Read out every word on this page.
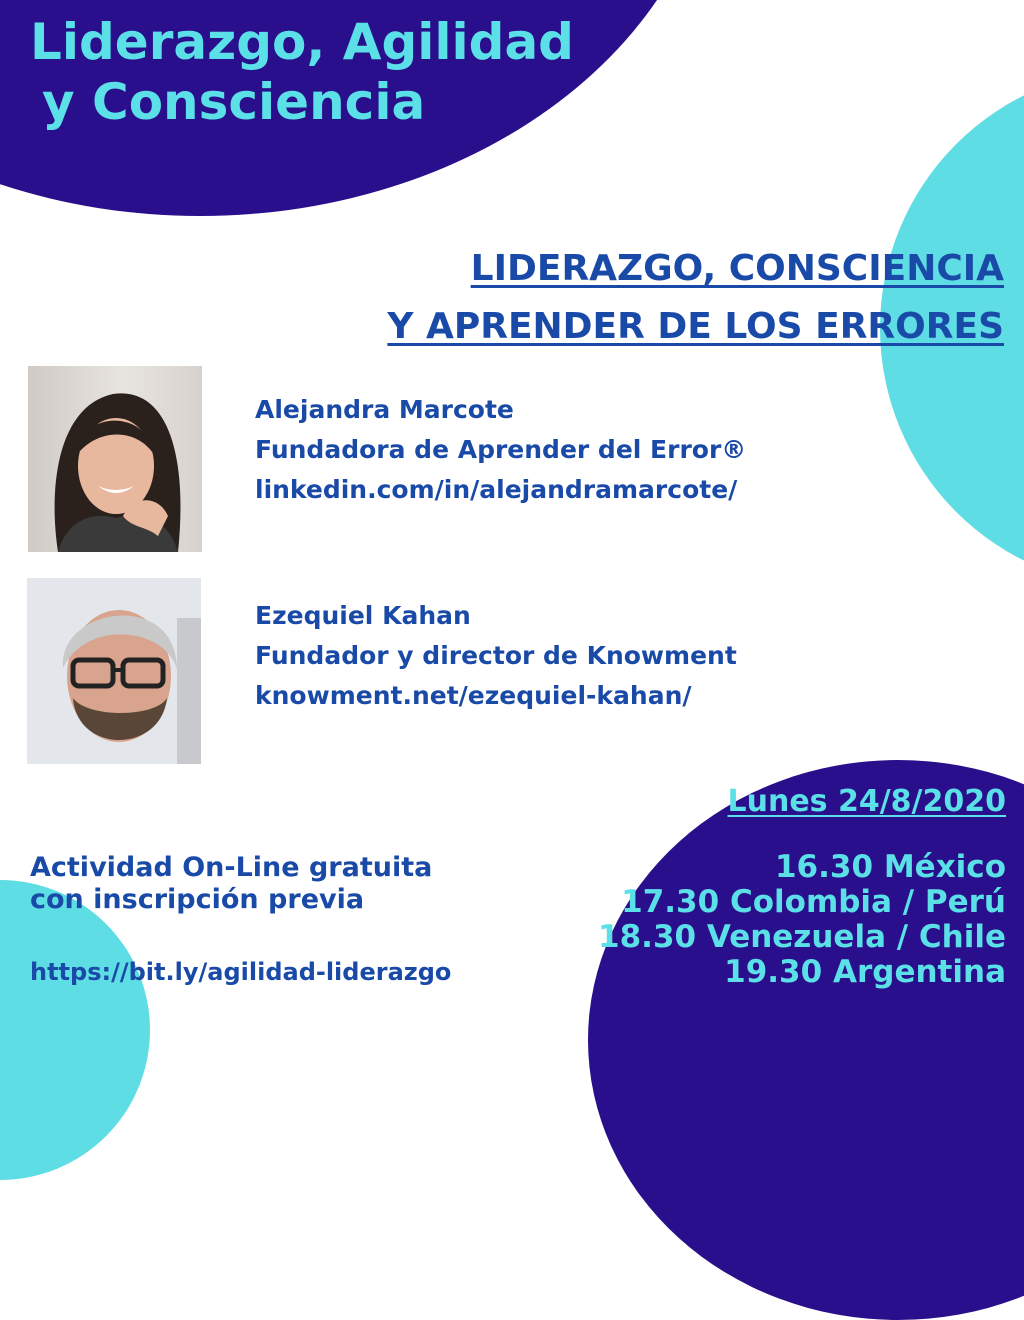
Liderazgo, Agilidad
y Consciencia
LIDERAZGO, CONSCIENCIA
Y APRENDER DE LOS ERRORES
Alejandra Marcote
Fundadora de Aprender del Error®
linkedin.com/in/alejandramarcote/
Ezequiel Kahan
Fundador y director de Knowment
knowment.net/ezequiel-kahan/
Actividad On-Line gratuita
con inscripción previa
https://bit.ly/agilidad-liderazgo
Lunes 24/8/2020
16.30 México
17.30 Colombia / Perú
18.30 Venezuela / Chile
19.30 Argentina
